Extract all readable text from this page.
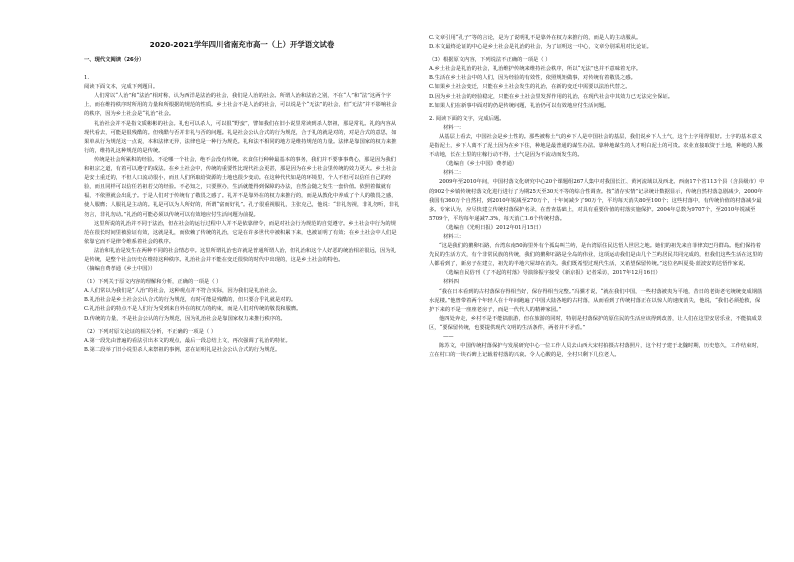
2020-2021学年四川省南充市高一（上）开学语文试卷

一、现代文阅读（26分）

1.

阅读下面文本，完成下列题目。

人们常以“人治”和“法治”相对称，认为西洋是法治的社会，我们是人治的社会。所谓人治和法治之别，不在“人”和“法”这两个字上，而在维持秩序时所用的力量和所根据的规范的性质。乡土社会不是人治的社会，可以说是个“无法”的社会，但“无法”并不影响社会的秩序，因为乡土社会是“礼治”社会。

礼治社会并不是指文质彬彬的社会。礼也可以杀人，可以很“野蛮”，譬如我们在旧小说里常读到杀人祭祖，那是常礼。礼的内容从现代看去，可能是很残酷的。但残酷与否并非礼与否的问题。礼是社会公认合式的行为规范，合于礼的就是对的，对是合式的意思，如果单从行为规范这一点说，本和法律无异，法律也是一种行为规范。礼和法不相同的地方是维持规范的力量。法律是靠国家的权力来推行的，维持礼这种规范的是传统。

传统是社会所累积的经验。不论哪一个社会，绝不会没有传统。衣食住行种种最基本的事务，我们并不要事事费心，那是因为我们和祖宗之道，有着可以遵守的成法。在乡土社会中，传统的重要性比现代社会更甚，那是因为在乡土社会里传统的效力更大。乡土社会是安土重迁的，不但人口流动很小，而且人们所取给资源的土地也很少变动。在这种代代如是的环境里，个人不但可以信任自己的经验，而且同样可以信任若祖若父的经验。不必知之，只要照办，生活就能得到保障的办法，自然会随之发生一套价值。依照着做就有福，不依照就会出乱子。于是人们对于传统有了敬畏之感了。礼并不是靠外在的权力来推行的，而是从教化中养成了个人的敬畏之感，使人服膺；人服礼是主动的。礼是可以为人所好的，所谓“富而好礼”。孔子很重视服礼，主张克己，他说：“非礼勿视，非礼勿听，非礼勿言，非礼勿动。”礼治的可能必须以传统可以有效地应付生活问题为前提。

这里所说的礼治并不同于法治，但在社会的运行过程中人并不是依靠律令，而是对社会行为规范的自觉遵守。乡土社会中行为的规范在很长时间里被验证有效，这就是礼，而依赖了传统的礼治，它是在许多世代中被积累下来，也被证明了有效；在乡土社会中人们是依靠它而不是律令维系着社会的秩序。

法治和礼治是发生在两种不同的社会情态中。这里所谓礼治也许就是普通所谓人治，但礼治和这个人好恶的统治相差很远，因为礼是传统，是整个社会历史在维持这种秩序。礼治社会并不能在变迁很快的时代中出现的，这是乡土社会的特色。

（摘编自费孝通《乡土中国》）

（1）下列关于原文内容的理解和分析，正确的一项是（ ）

A.人们常以为我们是“人治”的社会，这种观点并不符合实际，因为我们是礼治社会。

B.礼治社会是乡土社会公认合式的行为规范，有时可能是残酷的，但只要合乎礼就是对的。

C.礼治社会的特点不是人们行为受到来自外在的权力的约束，而是人们对传统的敬畏和服膺。

D.传统的力量，不是社会公认的行为规范，因为礼治社会是靠国家权力来推行秩序的。

（2）下列对原文论证的相关分析，不正确的一项是（ ）

A.第一段先由普遍的看法引出本文的观点，最后一段总结上文，再次强调了礼治的特征。

B.第二段举了旧小说里杀人来祭祖的事例，意在证明礼是社会公认合式的行为规范。

C.文章引用“孔子”等的言论，是为了说明礼不是靠外在权力来推行的，而是人的主动服从。

D.本文最终论证的中心是乡土社会是礼治的社会，为了证明这一中心，文章分别采用对比论证。

（3）根据原文内容，下列说法不正确的一项是（ ）

A.乡土社会是礼治的社会，礼治维护传统来维持社会秩序，所以“无法”也并不意味着无序。

B.生活在乡土社会中的人们，因为经验的有效性，依照规矩做事，对传统有着敬畏之感。

C.如果乡土社会变迁，只能在乡土社会发生的礼治，在新的变迁中需要以法治代替之。

D.因为乡土社会的经验稳定，只能在乡土社会里发挥作用的礼治，在现代社会中其效力已无法完全保证。

E.如果人们在新事中面对的仍是传统问题，礼治仍可以有效地应付生活问题。

2. 阅读下面的文字，完成后题。

材料一：

从基层上看去，中国社会是乡土性的。那些被称土气的乡下人是中国社会的基层，我们说乡下人土气，这个土字用得很好。土字的基本意义是指泥土，乡下人离不了泥土因为在乡下住，种地是最普通的谋生办法。靠种地谋生的人才明白泥土的可贵。农业直接取资于土地，种地的人搬不动地，长在土里的庄稼行动不得，土气是因为不流动而发生的。

（选编自《乡土中国》费孝通）

材料二：

2009年至2010年间，中国村落文化研究中心20个课题组267人集中对我国长江、黄河流域以及西北、西南17个省113个县（含县级市）中的902个乡镇传统村落文化进行进行了为期25天至30天不等的综合性调查。按“清存实情”记录统计数据显示，传统自然村落急剧减少，2000年我国有360万个自然村，到2010年锐减至270万个，十年间减少了90万个，平均每天消失80至100个；这些村落中，有传统价值的村落减少最多。专家认为，应尽快建立传统村落保护名录，在普查基础上，对具有重要价值的村落实施保护。2004年总数为9707个，至2010年锐减至5709个，平均每年递减7.3%，每天消亡1.6个传统村落。

（选编自《光明日报》2012年01月15日）

材料三：

“这是我们的鹅卵石路，台湾东南50海里外有个孤岛叫兰屿，是台湾原住民达悟人世居之地。她们的祖先来自菲律宾巴丹群岛。他们保持着先民的生活方式，有个非常民族的传统，我们的鹅卵石路是全岛的伟业，这项运动我们是由几个兰屿居民共同完成的，但我们这些生活在这里的人都看到了，新房子在建立，祖先的半地穴屋却在消失。我们既希望过现代生活，又希望保留传统。”这位名叫夏曼·蓝波安的达悟作家说。

（选编自民俗刊《了不起的村落》导演徐振宇接受《新京报》记者采访，2017年12月16日）

材料四

“我在日本看到的古村落保存得相当好，保存得相当完整。”冯骥才说，“就在我们中国，一些村落被夷为平地，昔日的老街老宅统统变成钢筋水泥楼。”他曾带着两个年轻人在十年间跑遍了中国大陆各地的古村落，从而看到了传统村落正在以惊人的速度消失，他说，“我们必须抢救，保护下来的不是一座座老房子，而是一代代人的精神家园。”

他四处奔走，乡村不是不能搞旅游，但在旅游的同时，特别是村落保护的原住民的生活应该得到改善，让人们在这里安居乐业，不能搞成景区，“要保留传统，也要提供现代文明的生活条件，两者并不矛盾。”

——

陈苏文，中国传统村落保护与发展研究中心一位工作人员去山西大宋村拍摄古村落照片，这个村子建于北魏时期，历史悠久，工作结束时，立在村口的一块石碑上记载着村落的兴衰。令人心酸的是，全村只剩下几位老人。
